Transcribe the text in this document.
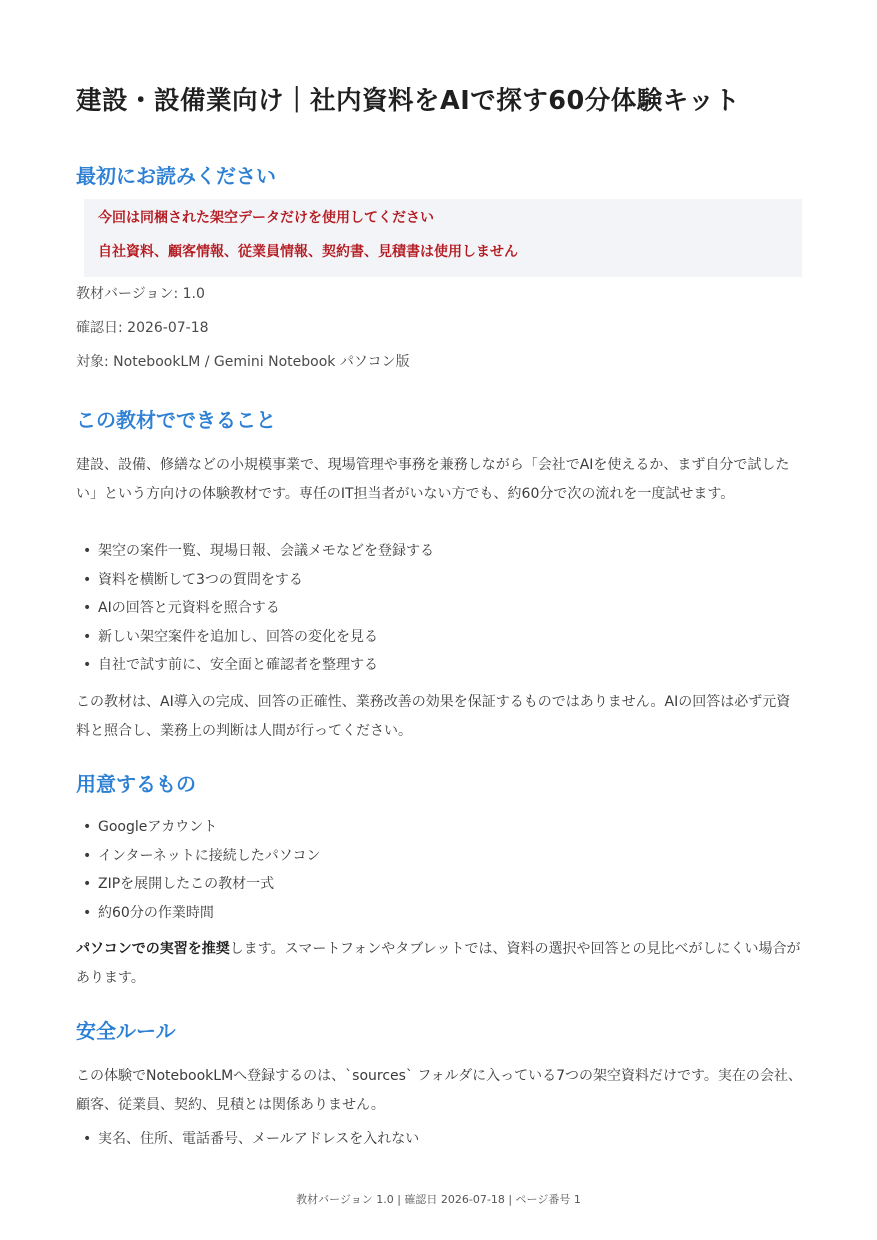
建設・設備業向け｜社内資料をAIで探す60分体験キット
最初にお読みください

今回は同梱された架空データだけを使用してください

自社資料、顧客情報、従業員情報、契約書、見積書は使用しません

教材バージョン: 1.0

確認日: 2026-07-18

対象: NotebookLM / Gemini Notebook パソコン版

この教材でできること

建設、設備、修繕などの小規模事業で、現場管理や事務を兼務しながら「会社でAIを使えるか、まず自分で試したい」という方向けの体験教材です。専任のIT担当者がいない方でも、約60分で次の流れを一度試せます。

• 架空の案件一覧、現場日報、会議メモなどを登録する
• 資料を横断して3つの質問をする
• AIの回答と元資料を照合する
• 新しい架空案件を追加し、回答の変化を見る
• 自社で試す前に、安全面と確認者を整理する

この教材は、AI導入の完成、回答の正確性、業務改善の効果を保証するものではありません。AIの回答は必ず元資料と照合し、業務上の判断は人間が行ってください。

用意するもの
• Googleアカウント
• インターネットに接続したパソコン
• ZIPを展開したこの教材一式
• 約60分の作業時間

パソコンでの実習を推奨します。スマートフォンやタブレットでは、資料の選択や回答との見比べがしにくい場合があります。

安全ルール

この体験でNotebookLMへ登録するのは、`sources` フォルダに入っている7つの架空資料だけです。実在の会社、顧客、従業員、契約、見積とは関係ありません。

• 実名、住所、電話番号、メールアドレスを入れない
教材バージョン 1.0 | 確認日 2026-07-18 | ページ番号 1
